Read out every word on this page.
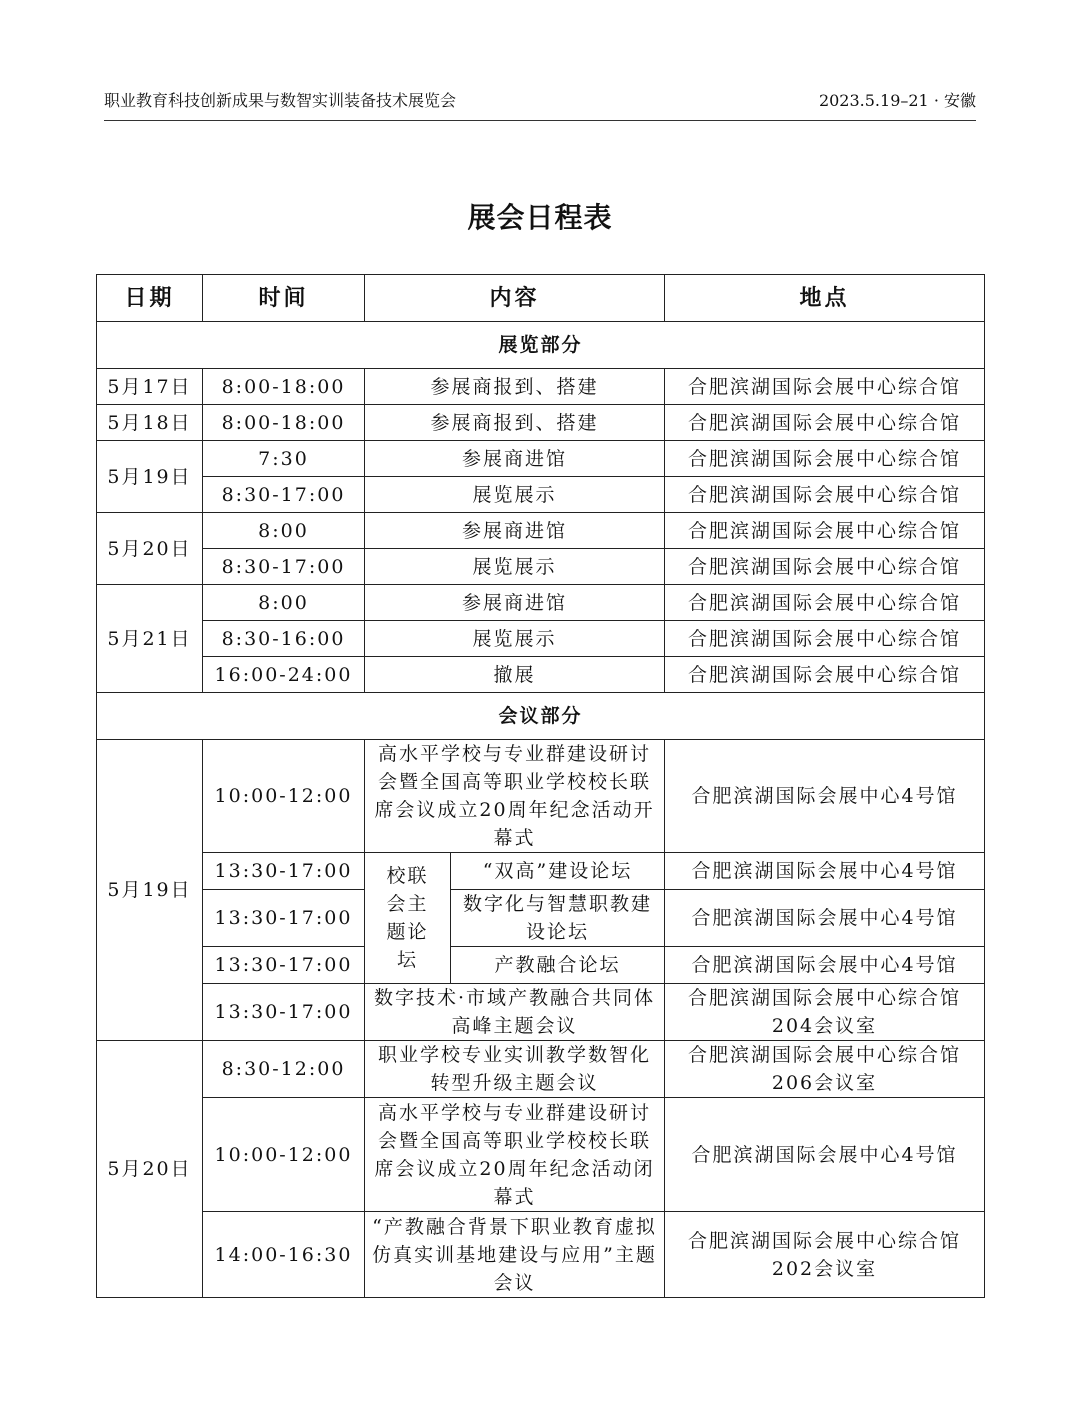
职业教育科技创新成果与数智实训装备技术展览会	2023.5.19–21 · 安徽
展会日程表
日期	时间	内容		地点
展览部分				
5月17日	8:00-18:00	参展商报到、搭建		合肥滨湖国际会展中心综合馆
5月18日	8:00-18:00	参展商报到、搭建		合肥滨湖国际会展中心综合馆
5月19日	7:30	参展商进馆		合肥滨湖国际会展中心综合馆
	8:30-17:00	展览展示		合肥滨湖国际会展中心综合馆
5月20日	8:00	参展商进馆		合肥滨湖国际会展中心综合馆
	8:30-17:00	展览展示		合肥滨湖国际会展中心综合馆
5月21日	8:00	参展商进馆		合肥滨湖国际会展中心综合馆
	8:30-16:00	展览展示		合肥滨湖国际会展中心综合馆
	16:00-24:00	撤展		合肥滨湖国际会展中心综合馆
会议部分				
5月19日	10:00-12:00	高水平学校与专业群建设研讨会暨全国高等职业学校校长联席会议成立20周年纪念活动开幕式		合肥滨湖国际会展中心4号馆
	13:30-17:00	校联会主题论坛	“双高”建设论坛	合肥滨湖国际会展中心4号馆
	13:30-17:00		数字化与智慧职教建设论坛	合肥滨湖国际会展中心4号馆
	13:30-17:00		产教融合论坛	合肥滨湖国际会展中心4号馆
	13:30-17:00	数字技术·市域产教融合共同体高峰主题会议		合肥滨湖国际会展中心综合馆204会议室
5月20日	8:30-12:00	职业学校专业实训教学数智化转型升级主题会议		合肥滨湖国际会展中心综合馆206会议室
	10:00-12:00	高水平学校与专业群建设研讨会暨全国高等职业学校校长联席会议成立20周年纪念活动闭幕式		合肥滨湖国际会展中心4号馆
	14:00-16:30	“产教融合背景下职业教育虚拟仿真实训基地建设与应用”主题会议		合肥滨湖国际会展中心综合馆202会议室
